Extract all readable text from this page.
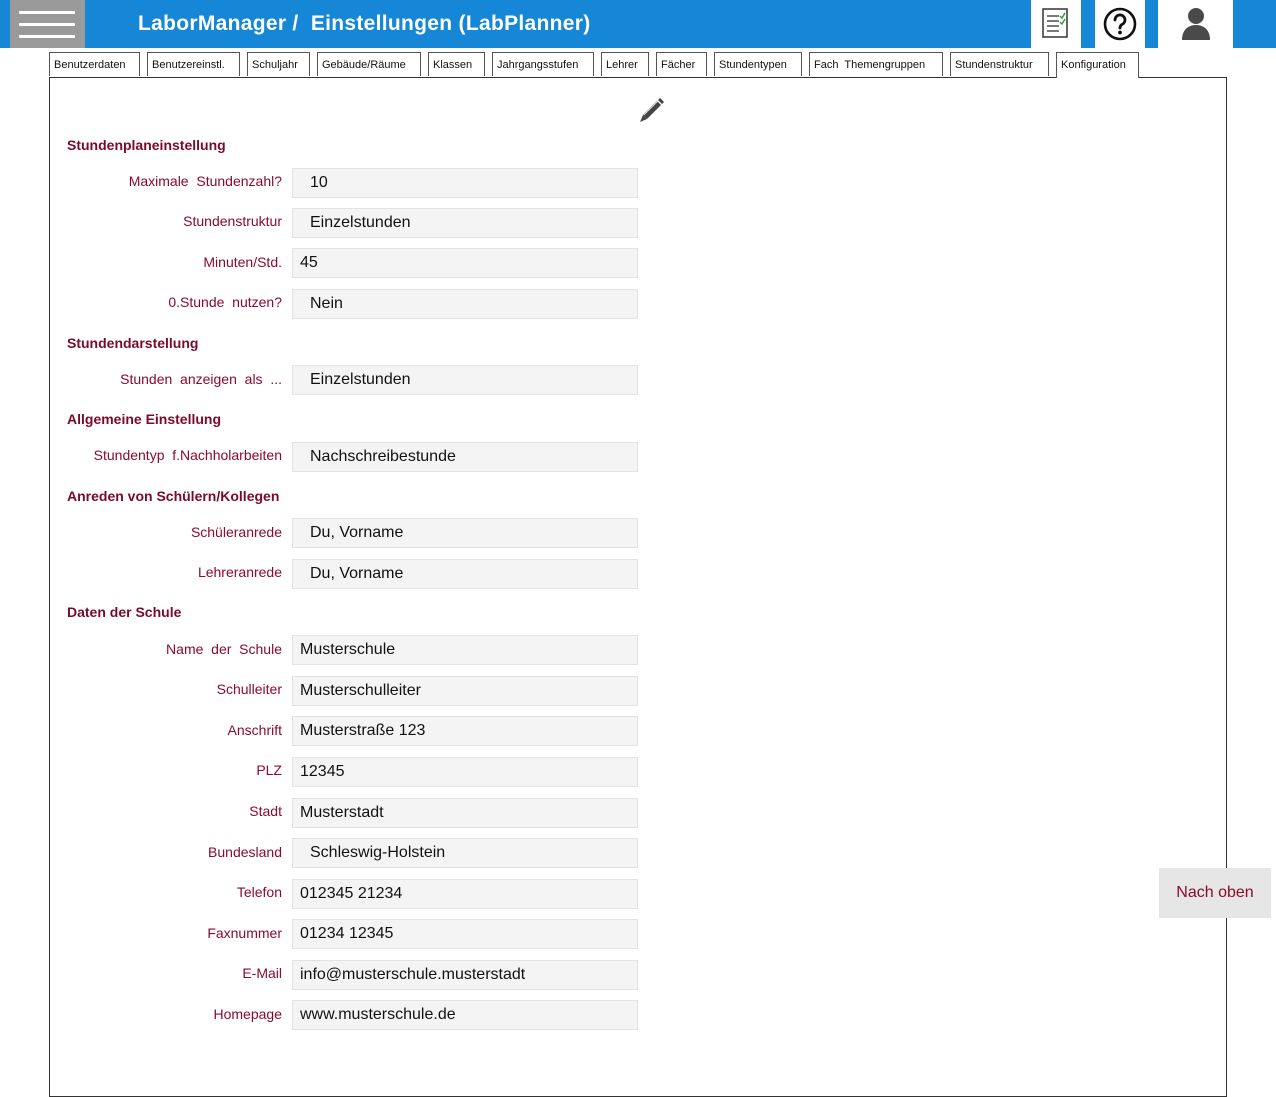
LaborManager /  Einstellungen (LabPlanner)
Benutzerdaten	Benutzereinstl.	Schuljahr	Gebäude/Räume	Klassen	Jahrgangsstufen	Lehrer	Fächer	Stundentypen	Fach  Themengruppen	Stundenstruktur	Konfiguration
Stundenplaneinstellung
Maximale  Stundenzahl?	10
Stundenstruktur	Einzelstunden
Minuten/Std.	45
0.Stunde  nutzen?	Nein
Stundendarstellung
Stunden  anzeigen  als  ...	Einzelstunden
Allgemeine Einstellung
Stundentyp  f.Nachholarbeiten	Nachschreibestunde
Anreden von Schülern/Kollegen
Schüleranrede	Du, Vorname
Lehreranrede	Du, Vorname
Daten der Schule
Name  der  Schule	Musterschule
Schulleiter	Musterschulleiter
Anschrift	Musterstraße 123
PLZ	12345
Stadt	Musterstadt
Bundesland	Schleswig-Holstein
Telefon	012345 21234
Faxnummer	01234 12345
E-Mail	info@musterschule.musterstadt
Homepage	www.musterschule.de
Nach oben
